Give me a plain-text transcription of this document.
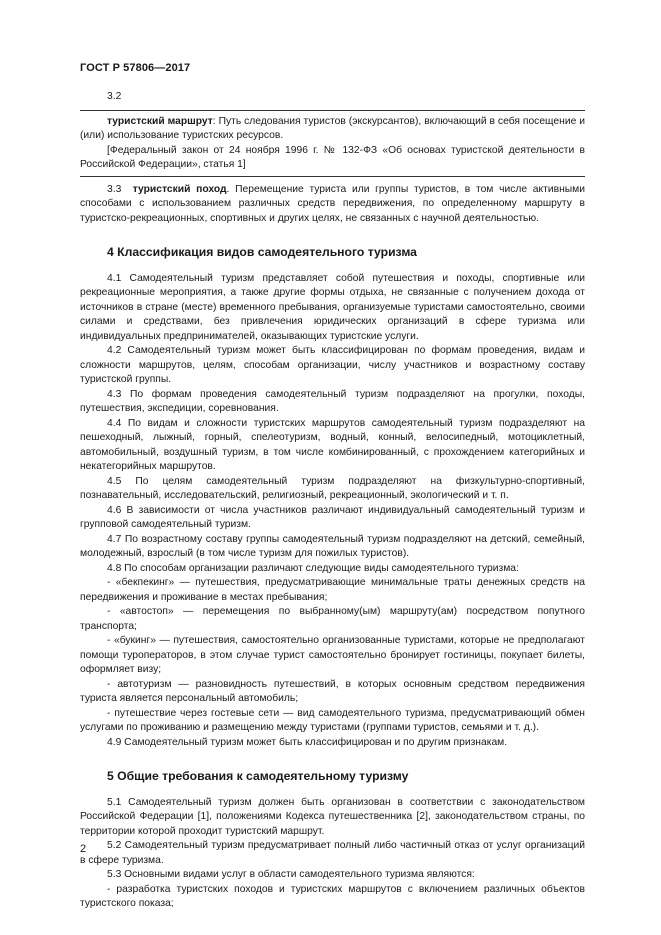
ГОСТ Р 57806—2017

3.2

туристский маршрут: Путь следования туристов (экскурсантов), включающий в себя посещение и (или) использование туристских ресурсов.

[Федеральный закон от 24 ноября 1996 г. № 132-ФЗ «Об основах туристской деятельности в Российской Федерации», статья 1]

3.3 туристский поход. Перемещение туриста или группы туристов, в том числе активными способами с использованием различных средств передвижения, по определенному маршруту в туристско-рекреационных, спортивных и других целях, не связанных с научной деятельностью.

4 Классификация видов самодеятельного туризма

4.1 Самодеятельный туризм представляет собой путешествия и походы, спортивные или рекреационные мероприятия, а также другие формы отдыха, не связанные с получением дохода от источников в стране (месте) временного пребывания, организуемые туристами самостоятельно, своими силами и средствами, без привлечения юридических организаций в сфере туризма или индивидуальных предпринимателей, оказывающих туристские услуги.

4.2 Самодеятельный туризм может быть классифицирован по формам проведения, видам и сложности маршрутов, целям, способам организации, числу участников и возрастному составу туристской группы.

4.3 По формам проведения самодеятельный туризм подразделяют на прогулки, походы, путешествия, экспедиции, соревнования.

4.4 По видам и сложности туристских маршрутов самодеятельный туризм подразделяют на пешеходный, лыжный, горный, спелеотуризм, водный, конный, велосипедный, мотоциклетный, автомобильный, воздушный туризм, в том числе комбинированный, с прохождением категорийных и некатегорийных маршрутов.

4.5 По целям самодеятельный туризм подразделяют на физкультурно-спортивный, познавательный, исследовательский, религиозный, рекреационный, экологический и т. п.

4.6 В зависимости от числа участников различают индивидуальный самодеятельный туризм и групповой самодеятельный туризм.

4.7 По возрастному составу группы самодеятельный туризм подразделяют на детский, семейный, молодежный, взрослый (в том числе туризм для пожилых туристов).

4.8 По способам организации различают следующие виды самодеятельного туризма:

- «бекпекинг» — путешествия, предусматривающие минимальные траты денежных средств на передвижения и проживание в местах пребывания;

- «автостоп» — перемещения по выбранному(ым) маршруту(ам) посредством попутного транспорта;

- «букинг» — путешествия, самостоятельно организованные туристами, которые не предполагают помощи туроператоров, в этом случае турист самостоятельно бронирует гостиницы, покупает билеты, оформляет визу;

- автотуризм — разновидность путешествий, в которых основным средством передвижения туриста является персональный автомобиль;

- путешествие через гостевые сети — вид самодеятельного туризма, предусматривающий обмен услугами по проживанию и размещению между туристами (группами туристов, семьями и т. д.).

4.9 Самодеятельный туризм может быть классифицирован и по другим признакам.

5 Общие требования к самодеятельному туризму

5.1 Самодеятельный туризм должен быть организован в соответствии с законодательством Российской Федерации [1], положениями Кодекса путешественника [2], законодательством страны, по территории которой проходит туристский маршрут.

5.2 Самодеятельный туризм предусматривает полный либо частичный отказ от услуг организаций в сфере туризма.

5.3 Основными видами услуг в области самодеятельного туризма являются:

- разработка туристских походов и туристских маршрутов с включением различных объектов туристского показа;

2
